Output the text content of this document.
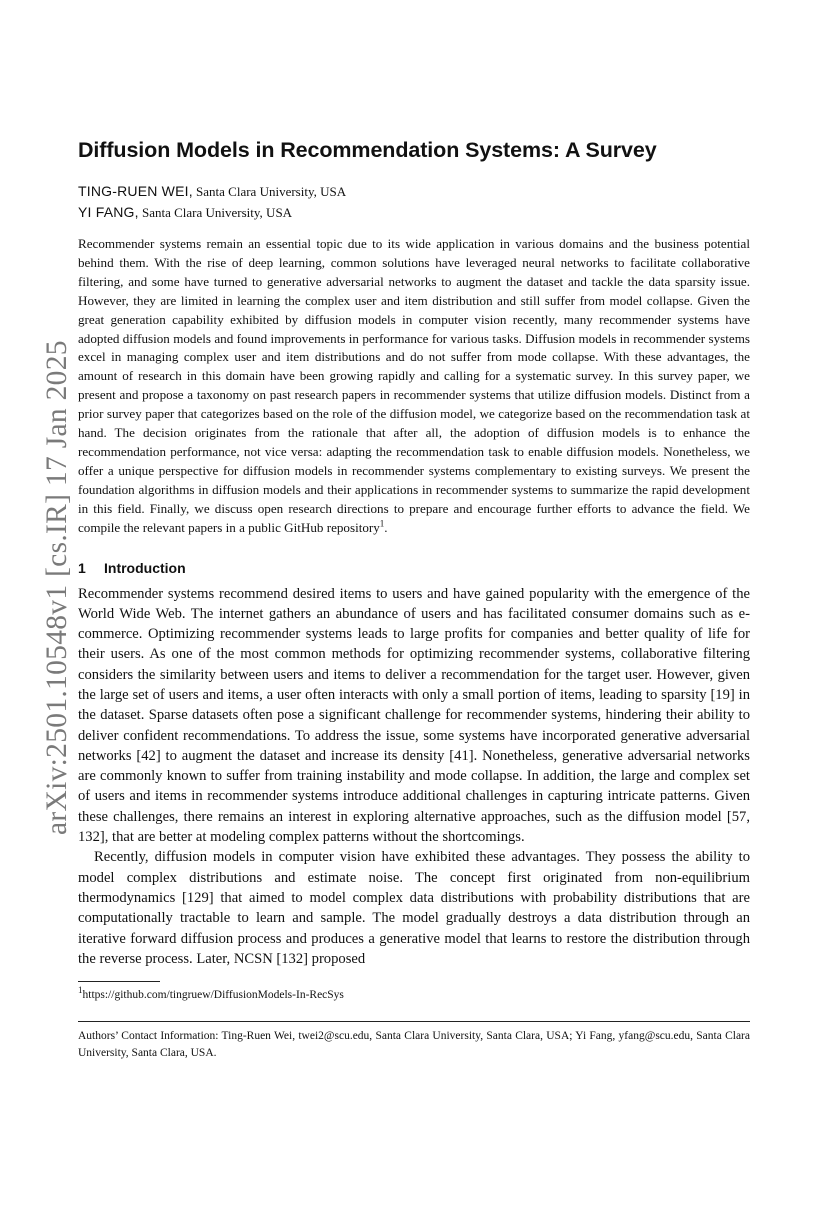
arXiv:2501.10548v1 [cs.IR] 17 Jan 2025
Diffusion Models in Recommendation Systems: A Survey

TING-RUEN WEI, Santa Clara University, USA

YI FANG, Santa Clara University, USA

Recommender systems remain an essential topic due to its wide application in various domains and the business potential behind them. With the rise of deep learning, common solutions have leveraged neural networks to facilitate collaborative filtering, and some have turned to generative adversarial networks to augment the dataset and tackle the data sparsity issue. However, they are limited in learning the complex user and item distribution and still suffer from model collapse. Given the great generation capability exhibited by diffusion models in computer vision recently, many recommender systems have adopted diffusion models and found improvements in performance for various tasks. Diffusion models in recommender systems excel in managing complex user and item distributions and do not suffer from mode collapse. With these advantages, the amount of research in this domain have been growing rapidly and calling for a systematic survey. In this survey paper, we present and propose a taxonomy on past research papers in recommender systems that utilize diffusion models. Distinct from a prior survey paper that categorizes based on the role of the diffusion model, we categorize based on the recommendation task at hand. The decision originates from the rationale that after all, the adoption of diffusion models is to enhance the recommendation performance, not vice versa: adapting the recommendation task to enable diffusion models. Nonetheless, we offer a unique perspective for diffusion models in recommender systems complementary to existing surveys. We present the foundation algorithms in diffusion models and their applications in recommender systems to summarize the rapid development in this field. Finally, we discuss open research directions to prepare and encourage further efforts to advance the field. We compile the relevant papers in a public GitHub repository$^1$.

1 Introduction

Recommender systems recommend desired items to users and have gained popularity with the emergence of the World Wide Web. The internet gathers an abundance of users and has facilitated consumer domains such as e-commerce. Optimizing recommender systems leads to large profits for companies and better quality of life for their users. As one of the most common methods for optimizing recommender systems, collaborative filtering considers the similarity between users and items to deliver a recommendation for the target user. However, given the large set of users and items, a user often interacts with only a small portion of items, leading to sparsity [19] in the dataset. Sparse datasets often pose a significant challenge for recommender systems, hindering their ability to deliver confident recommendations. To address the issue, some systems have incorporated generative adversarial networks [42] to augment the dataset and increase its density [41]. Nonetheless, generative adversarial networks are commonly known to suffer from training instability and mode collapse. In addition, the large and complex set of users and items in recommender systems introduce additional challenges in capturing intricate patterns. Given these challenges, there remains an interest in exploring alternative approaches, such as the diffusion model [57, 132], that are better at modeling complex patterns without the shortcomings.

Recently, diffusion models in computer vision have exhibited these advantages. They possess the ability to model complex distributions and estimate noise. The concept first originated from non-equilibrium thermodynamics [129] that aimed to model complex data distributions with probability distributions that are computationally tractable to learn and sample. The model gradually destroys a data distribution through an iterative forward diffusion process and produces a generative model that learns to restore the distribution through the reverse process. Later, NCSN [132] proposed

$^1$https://github.com/tingruew/DiffusionModels-In-RecSys

Authors’ Contact Information: Ting-Ruen Wei, twei2@scu.edu, Santa Clara University, Santa Clara, USA; Yi Fang, yfang@scu.edu, Santa Clara University, Santa Clara, USA.
